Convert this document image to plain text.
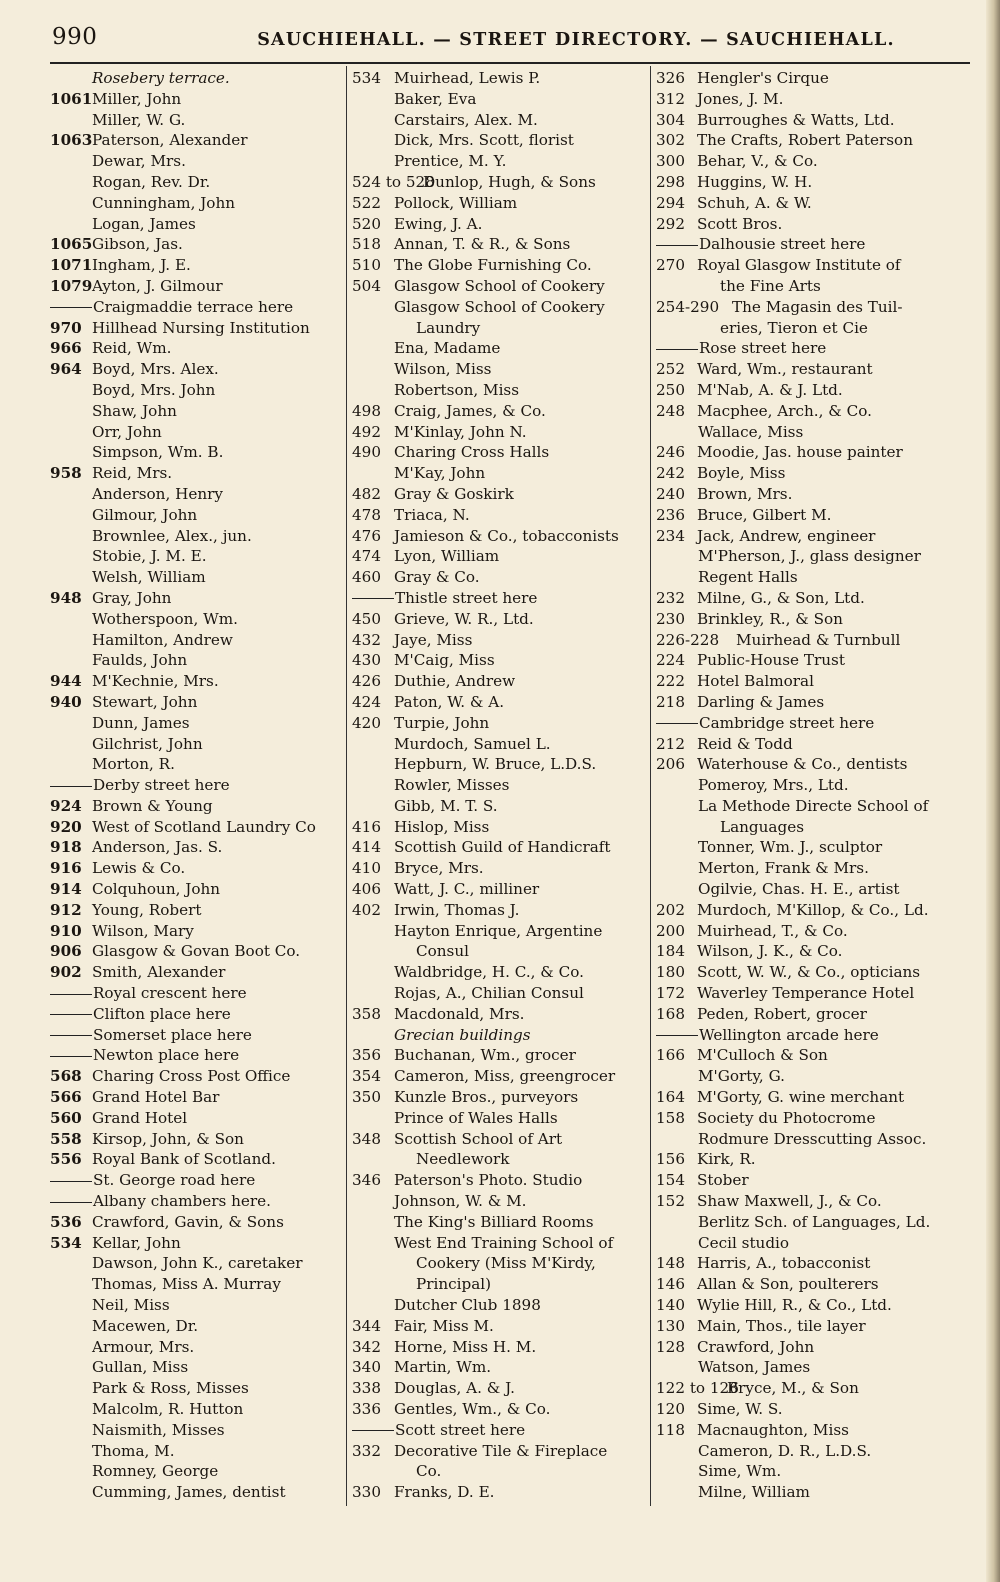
990	SAUCHIEHALL. — STREET DIRECTORY. — SAUCHIEHALL.
Rosebery terrace.
1061 Miller, John
Miller, W. G.
1063 Paterson, Alexander
Dewar, Mrs.
Rogan, Rev. Dr.
Cunningham, John
Logan, James
1065 Gibson, Jas.
1071 Ingham, J. E.
1079 Ayton, J. Gilmour
Craigmaddie terrace here
970 Hillhead Nursing Institution
966 Reid, Wm.
964 Boyd, Mrs. Alex.
Boyd, Mrs. John
Shaw, John
Orr, John
Simpson, Wm. B.
958 Reid, Mrs.
Anderson, Henry
Gilmour, John
Brownlee, Alex., jun.
Stobie, J. M. E.
Welsh, William
948 Gray, John
Wotherspoon, Wm.
Hamilton, Andrew
Faulds, John
944 M'Kechnie, Mrs.
940 Stewart, John
Dunn, James
Gilchrist, John
Morton, R.
Derby street here
924 Brown & Young
920 West of Scotland Laundry Co
918 Anderson, Jas. S.
916 Lewis & Co.
914 Colquhoun, John
912 Young, Robert
910 Wilson, Mary
906 Glasgow & Govan Boot Co.
902 Smith, Alexander
Royal crescent here
Clifton place here
Somerset place here
Newton place here
568 Charing Cross Post Office
566 Grand Hotel Bar
560 Grand Hotel
558 Kirsop, John, & Son
556 Royal Bank of Scotland.
St. George road here
Albany chambers here.
536 Crawford, Gavin, & Sons
534 Kellar, John
Dawson, John K., caretaker
Thomas, Miss A. Murray
Neil, Miss
Macewen, Dr.
Armour, Mrs.
Gullan, Miss
Park & Ross, Misses
Malcolm, R. Hutton
Naismith, Misses
Thoma, M.
Romney, George
Cumming, James, dentist
534 Muirhead, Lewis P.
Baker, Eva
Carstairs, Alex. M.
Dick, Mrs. Scott, florist
Prentice, M. Y.
524 to 528
Dunlop, Hugh, & Sons
522 Pollock, William
520 Ewing, J. A.
518 Annan, T. & R., & Sons
510 The Globe Furnishing Co.
504 Glasgow School of Cookery
Glasgow School of Cookery
Laundry
Ena, Madame
Wilson, Miss
Robertson, Miss
498 Craig, James, & Co.
492 M'Kinlay, John N.
490 Charing Cross Halls
M'Kay, John
482 Gray & Goskirk
478 Triaca, N.
476 Jamieson & Co., tobacconists
474 Lyon, William
460 Gray & Co.
Thistle street here
450 Grieve, W. R., Ltd.
432 Jaye, Miss
430 M'Caig, Miss
426 Duthie, Andrew
424 Paton, W. & A.
420 Turpie, John
Murdoch, Samuel L.
Hepburn, W. Bruce, L.D.S.
Rowler, Misses
Gibb, M. T. S.
416 Hislop, Miss
414 Scottish Guild of Handicraft
410 Bryce, Mrs.
406 Watt, J. C., milliner
402 Irwin, Thomas J.
Hayton Enrique, Argentine
Consul
Waldbridge, H. C., & Co.
Rojas, A., Chilian Consul
358 Macdonald, Mrs.
Grecian buildings
356 Buchanan, Wm., grocer
354 Cameron, Miss, greengrocer
350 Kunzle Bros., purveyors
Prince of Wales Halls
348 Scottish School of Art
Needlework
346 Paterson's Photo. Studio
Johnson, W. & M.
The King's Billiard Rooms
West End Training School of
Cookery (Miss M'Kirdy,
Principal)
Dutcher Club 1898
344 Fair, Miss M.
342 Horne, Miss H. M.
340 Martin, Wm.
338 Douglas, A. & J.
336 Gentles, Wm., & Co.
Scott street here
332 Decorative Tile & Fireplace
Co.
330 Franks, D. E.
326 Hengler's Cirque
312 Jones, J. M.
304 Burroughes & Watts, Ltd.
302 The Crafts, Robert Paterson
300 Behar, V., & Co.
298 Huggins, W. H.
294 Schuh, A. & W.
292 Scott Bros.
Dalhousie street here
270 Royal Glasgow Institute of
the Fine Arts
254-290 The Magasin des Tuil-
eries, Tieron et Cie
Rose street here
252 Ward, Wm., restaurant
250 M'Nab, A. & J. Ltd.
248 Macphee, Arch., & Co.
Wallace, Miss
246 Moodie, Jas. house painter
242 Boyle, Miss
240 Brown, Mrs.
236 Bruce, Gilbert M.
234 Jack, Andrew, engineer
M'Pherson, J., glass designer
Regent Halls
232 Milne, G., & Son, Ltd.
230 Brinkley, R., & Son
226-228 Muirhead & Turnbull
224 Public-House Trust
222 Hotel Balmoral
218 Darling & James
Cambridge street here
212 Reid & Todd
206 Waterhouse & Co., dentists
Pomeroy, Mrs., Ltd.
La Methode Directe School of
Languages
Tonner, Wm. J., sculptor
Merton, Frank & Mrs.
Ogilvie, Chas. H. E., artist
202 Murdoch, M'Killop, & Co., Ld.
200 Muirhead, T., & Co.
184 Wilson, J. K., & Co.
180 Scott, W. W., & Co., opticians
172 Waverley Temperance Hotel
168 Peden, Robert, grocer
Wellington arcade here
166 M'Culloch & Son
M'Gorty, G.
164 M'Gorty, G. wine merchant
158 Society du Photocrome
Rodmure Dresscutting Assoc.
156 Kirk, R.
154 Stober
152 Shaw Maxwell, J., & Co.
Berlitz Sch. of Languages, Ld.
Cecil studio
148 Harris, A., tobacconist
146 Allan & Son, poulterers
140 Wylie Hill, R., & Co., Ltd.
130 Main, Thos., tile layer
128 Crawford, John
Watson, James
122 to 126
Bryce, M., & Son
120 Sime, W. S.
118 Macnaughton, Miss
Cameron, D. R., L.D.S.
Sime, Wm.
Milne, William
